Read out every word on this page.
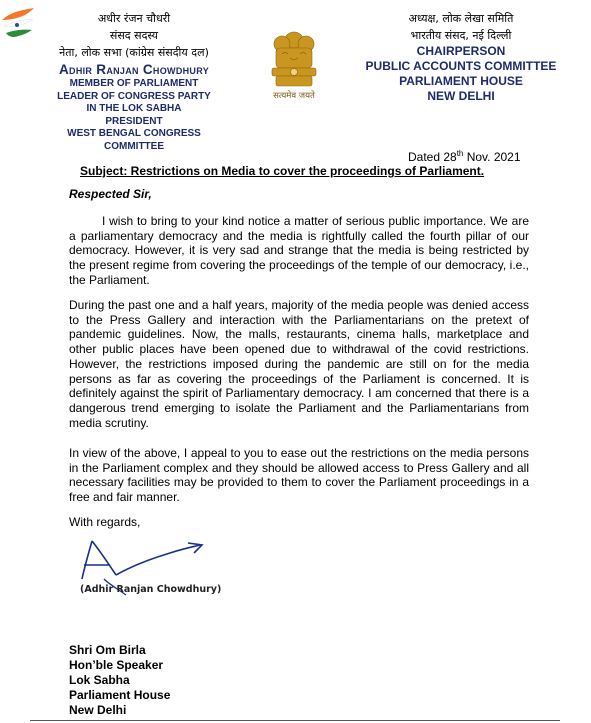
अधीर रंजन चौधरी
संसद सदस्य
नेता, लोक सभा (कांग्रेस संसदीय दल)
Adhir Ranjan Chowdhury
MEMBER OF PARLIAMENT
LEADER OF CONGRESS PARTY
IN THE LOK SABHA
PRESIDENT
WEST BENGAL CONGRESS COMMITTEE
सत्यमेव जयते
अध्यक्ष, लोक लेखा समिति
भारतीय संसद, नई दिल्ली
CHAIRPERSON
PUBLIC ACCOUNTS COMMITTEE
PARLIAMENT HOUSE
NEW DELHI
Dated 28th Nov. 2021
Subject: Restrictions on Media to cover the proceedings of Parliament.
Respected Sir,

I wish to bring to your kind notice a matter of serious public importance. We are a parliamentary democracy and the media is rightfully called the fourth pillar of our democracy. However, it is very sad and strange that the media is being restricted by the present regime from covering the proceedings of the temple of our democracy, i.e., the Parliament.

During the past one and a half years, majority of the media people was denied access to the Press Gallery and interaction with the Parliamentarians on the pretext of pandemic guidelines. Now, the malls, restaurants, cinema halls, marketplace and other public places have been opened due to withdrawal of the covid restrictions. However, the restrictions imposed during the pandemic are still on for the media persons as far as covering the proceedings of the Parliament is concerned. It is definitely against the spirit of Parliamentary democracy. I am concerned that there is a dangerous trend emerging to isolate the Parliament and the Parliamentarians from media scrutiny.

In view of the above, I appeal to you to ease out the restrictions on the media persons in the Parliament complex and they should be allowed access to Press Gallery and all necessary facilities may be provided to them to cover the Parliament proceedings in a free and fair manner.

With regards,
(Adhir Ranjan Chowdhury)
Shri Om Birla
Hon’ble Speaker
Lok Sabha
Parliament House
New Delhi
